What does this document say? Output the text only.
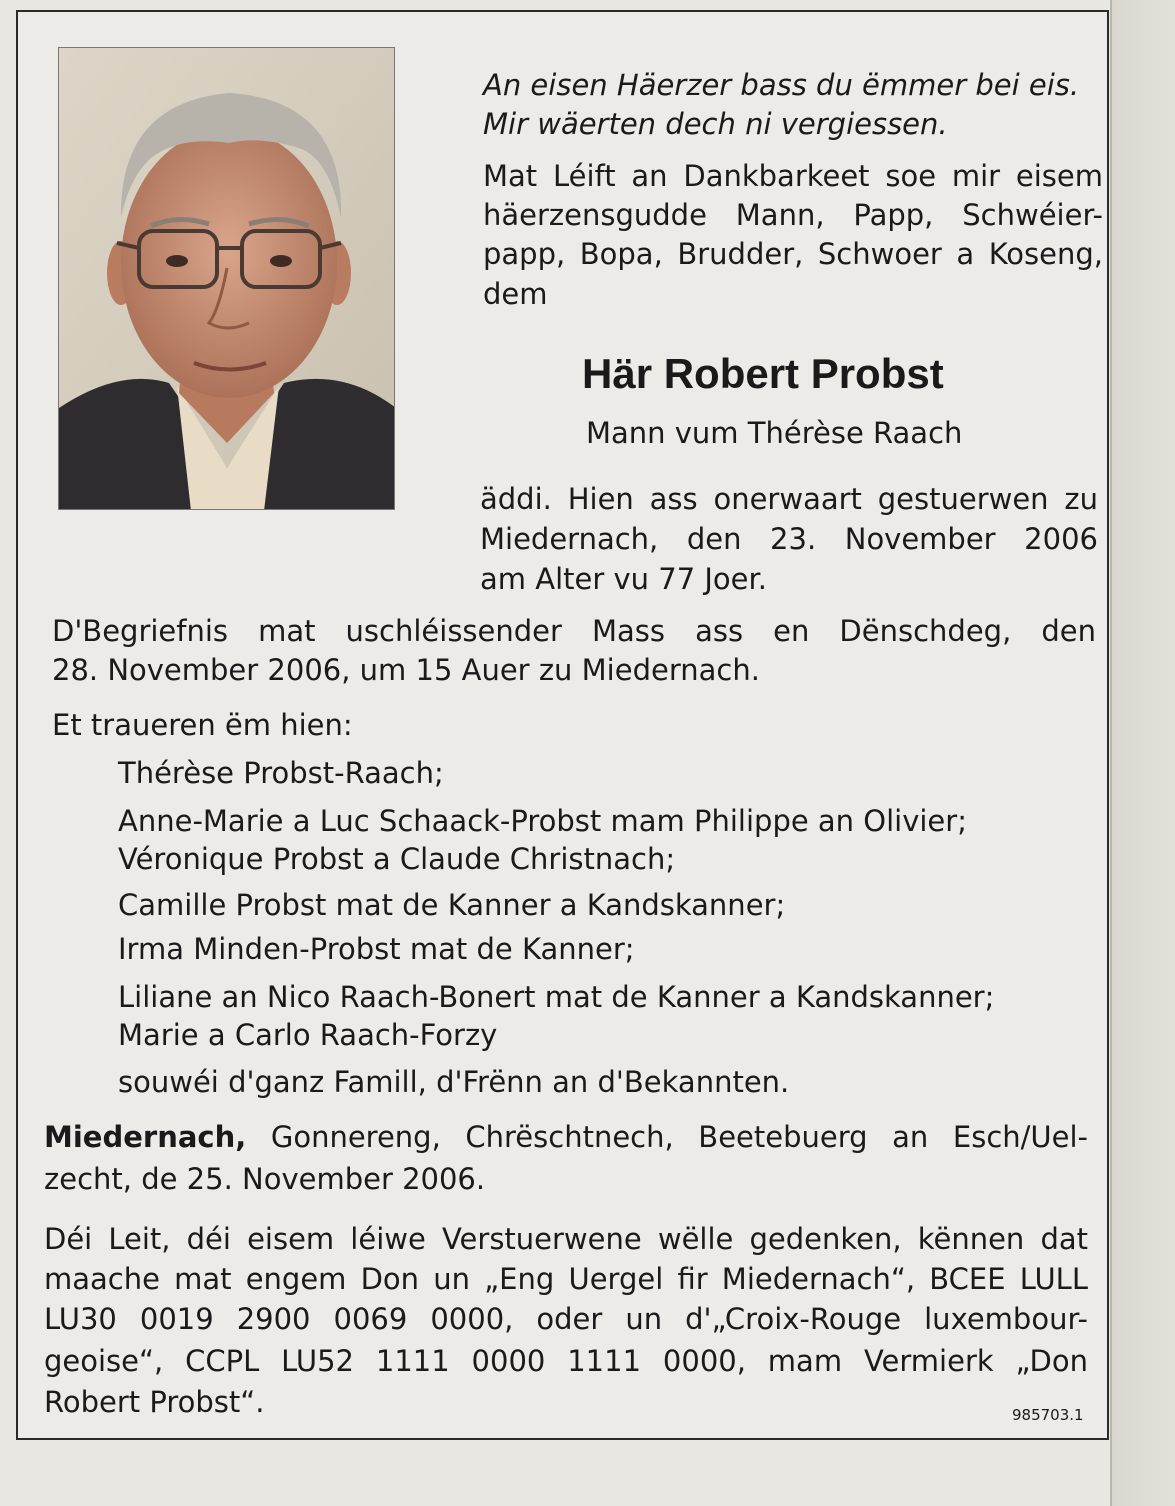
An eisen Häerzer bass du ëmmer bei eis.
Mir wäerten dech ni vergiessen.
Mat Léift an Dankbarkeet soe mir eisem
häerzensgudde Mann, Papp, Schwéier-
papp, Bopa, Brudder, Schwoer a Koseng,
dem
Här Robert Probst
Mann vum Thérèse Raach
äddi. Hien ass onerwaart gestuerwen zu
Miedernach, den 23. November 2006
am Alter vu 77 Joer.
D'Begriefnis mat uschléissender Mass ass en Dënschdeg, den
28. November 2006, um 15 Auer zu Miedernach.
Et traueren ëm hien:
Thérèse Probst-Raach;
Anne-Marie a Luc Schaack-Probst mam Philippe an Olivier;
Véronique Probst a Claude Christnach;
Camille Probst mat de Kanner a Kandskanner;
Irma Minden-Probst mat de Kanner;
Liliane an Nico Raach-Bonert mat de Kanner a Kandskanner;
Marie a Carlo Raach-Forzy
souwéi d'ganz Famill, d'Frënn an d'Bekannten.
Miedernach, Gonnereng, Chrëschtnech, Beetebuerg an Esch/Uel-
zecht, de 25. November 2006.
Déi Leit, déi eisem léiwe Verstuerwene wëlle gedenken, kënnen dat
maache mat engem Don un „Eng Uergel fir Miedernach“, BCEE LULL
LU30 0019 2900 0069 0000, oder un d'„Croix-Rouge luxembour-
geoise“, CCPL LU52 1111 0000 1111 0000, mam Vermierk „Don
Robert Probst“.	985703.1
